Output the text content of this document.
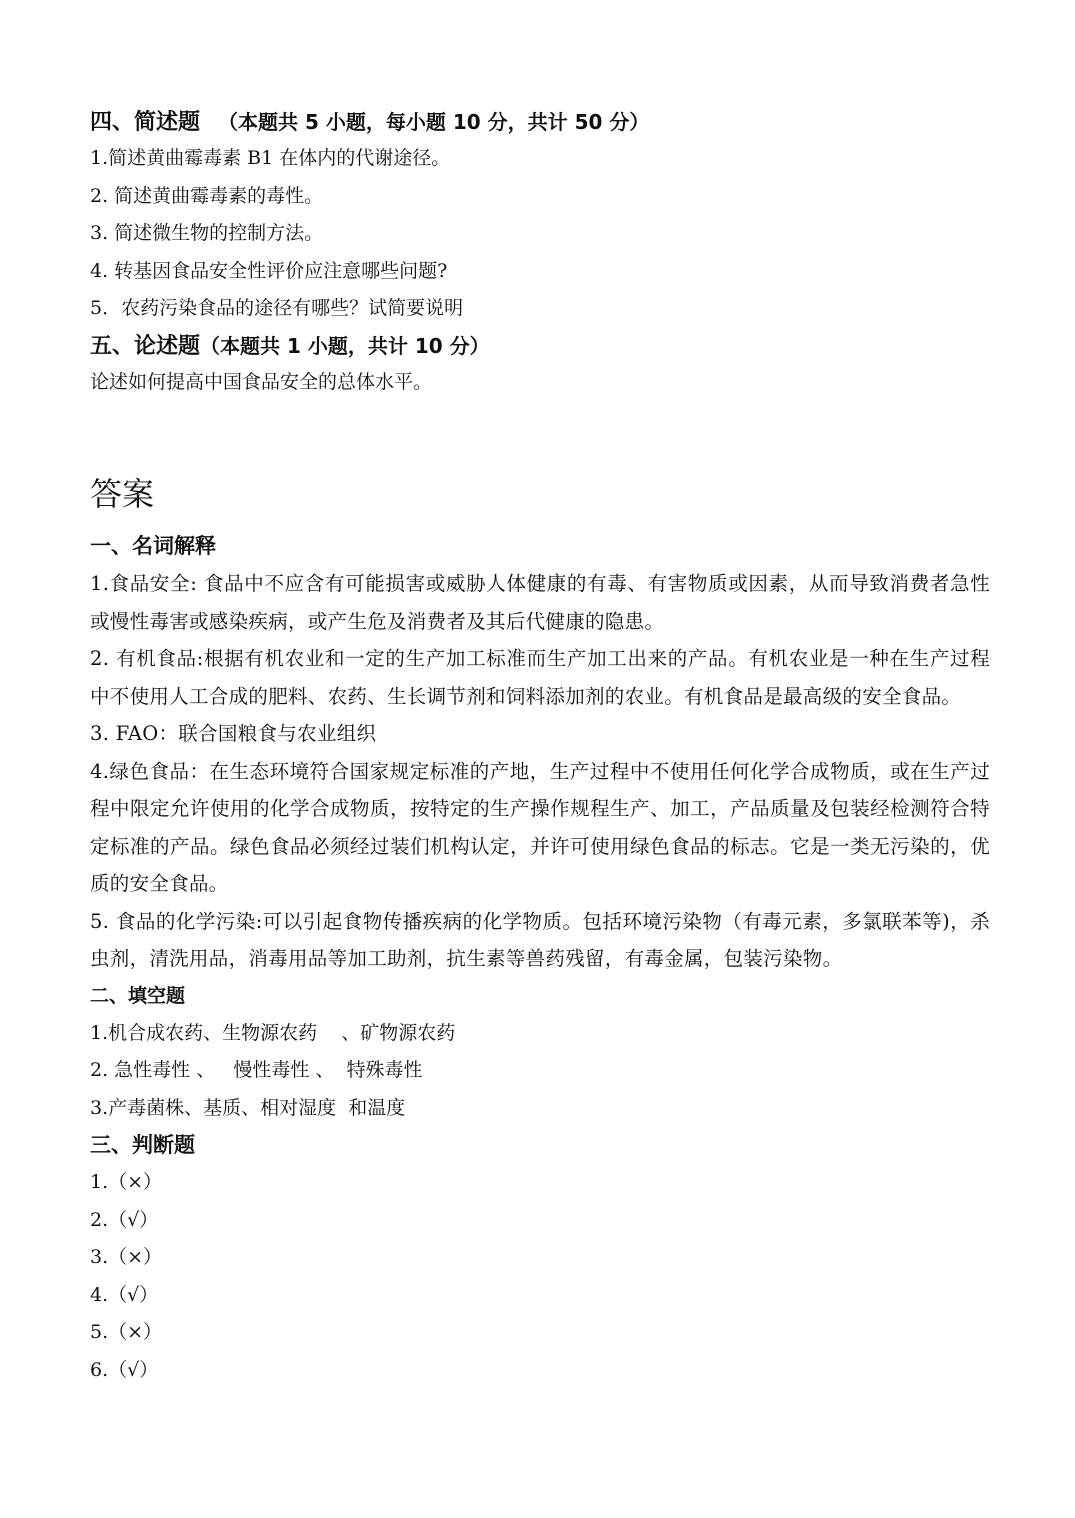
四、简述题 （本题共 5 小题，每小题 10 分，共计 50 分）

1.简述黄曲霉毒素 B1 在体内的代谢途径。

2. 简述黄曲霉毒素的毒性。

3. 简述微生物的控制方法。

4. 转基因食品安全性评价应注意哪些问题?

5．农药污染食品的途径有哪些？试简要说明

五、论述题（本题共 1 小题，共计 10 分）

论述如何提高中国食品安全的总体水平。

答案
一、名词解释

1.食品安全: 食品中不应含有可能损害或威胁人体健康的有毒、有害物质或因素，从而导致消费者急性或慢性毒害或感染疾病，或产生危及消费者及其后代健康的隐患。

2. 有机食品:根据有机农业和一定的生产加工标准而生产加工出来的产品。有机农业是一种在生产过程中不使用人工合成的肥料、农药、生长调节剂和饲料添加剂的农业。有机食品是最高级的安全食品。

3. FAO：联合国粮食与农业组织

4.绿色食品：在生态环境符合国家规定标准的产地，生产过程中不使用任何化学合成物质，或在生产过程中限定允许使用的化学合成物质，按特定的生产操作规程生产、加工，产品质量及包装经检测符合特定标准的产品。绿色食品必须经过装们机构认定，并许可使用绿色食品的标志。它是一类无污染的，优质的安全食品。

5. 食品的化学污染:可以引起食物传播疾病的化学物质。包括环境污染物（有毒元素，多氯联苯等)，杀虫剂，清洗用品，消毒用品等加工助剂，抗生素等兽药残留，有毒金属，包装污染物。

二、填空题

1.机合成农药、生物源农药    、矿物源农药

2. 急性毒性 、   慢性毒性 、  特殊毒性

3.产毒菌株、基质、相对湿度  和温度

三、判断题

1.（×）

2.（√）

3.（×）

4.（√）

5.（×）

6.（√）
